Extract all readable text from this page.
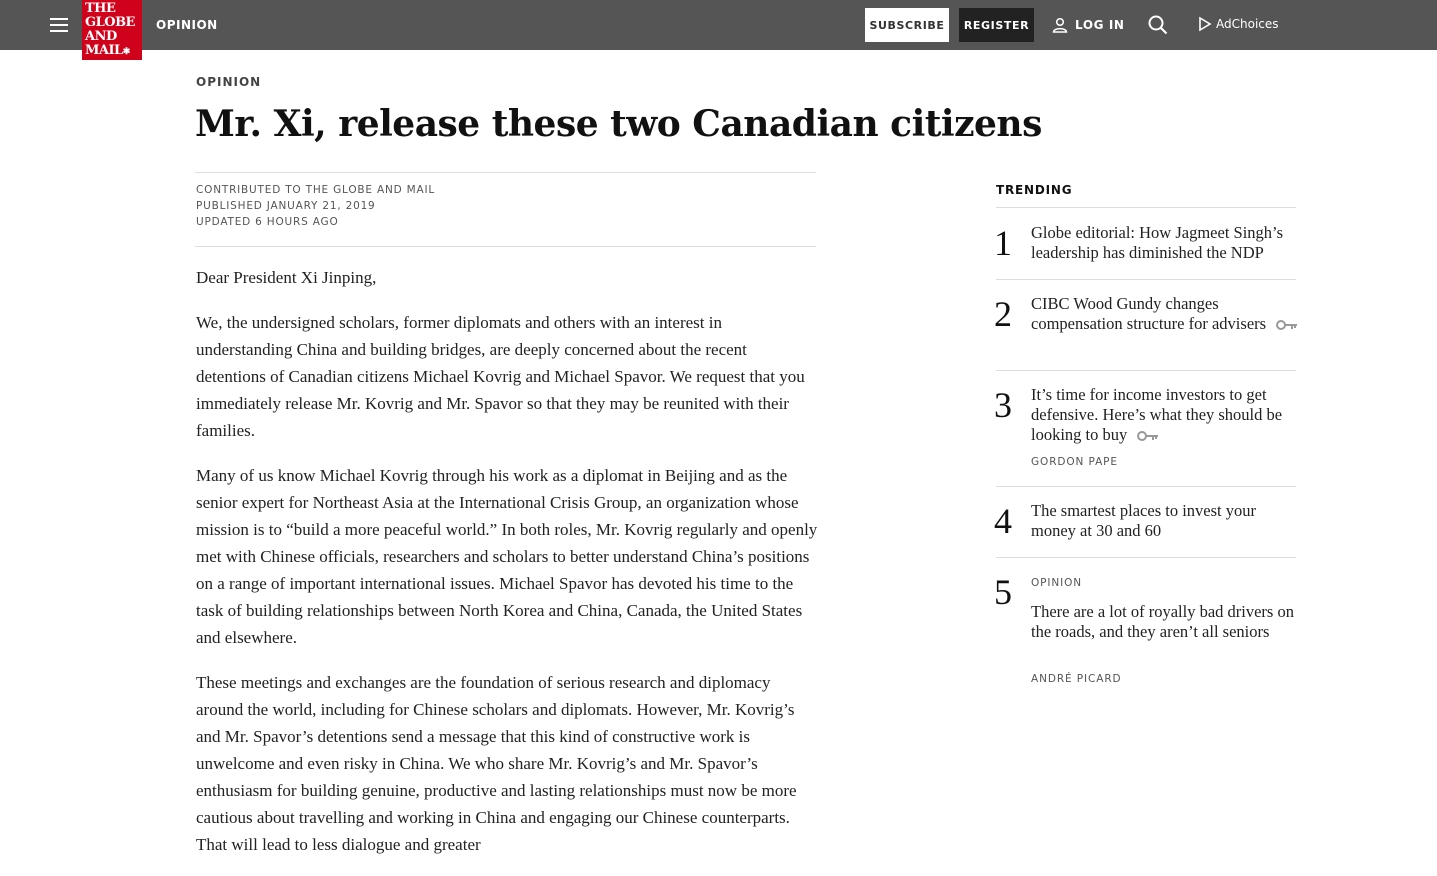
THE
GLOBE
AND
MAIL✱
OPINION	SUBSCRIBE	REGISTER	LOG IN	AdChoices
OPINION
Mr. Xi, release these two Canadian citizens
CONTRIBUTED TO THE GLOBE AND MAIL
PUBLISHED JANUARY 21, 2019
UPDATED 6 HOURS AGO

Dear President Xi Jinping,

We, the undersigned scholars, former diplomats and others with an interest in understanding China and building bridges, are deeply concerned about the recent detentions of Canadian citizens Michael Kovrig and Michael Spavor. We request that you immediately release Mr. Kovrig and Mr. Spavor so that they may be reunited with their families.

Many of us know Michael Kovrig through his work as a diplomat in Beijing and as the senior expert for Northeast Asia at the International Crisis Group, an organization whose mission is to “build a more peaceful world.” In both roles, Mr. Kovrig regularly and openly met with Chinese officials, researchers and scholars to better understand China’s positions on a range of important international issues. Michael Spavor has devoted his time to the task of building relationships between North Korea and China, Canada, the United States and elsewhere.

These meetings and exchanges are the foundation of serious research and diplomacy around the world, including for Chinese scholars and diplomats. However, Mr. Kovrig’s and Mr. Spavor’s detentions send a message that this kind of constructive work is unwelcome and even risky in China. We who share Mr. Kovrig’s and Mr. Spavor’s enthusiasm for building genuine, productive and lasting relationships must now be more cautious about travelling and working in China and engaging our Chinese counterparts. That will lead to less dialogue and greater

TRENDING
1 Globe editorial: How Jagmeet Singh’s leadership has diminished the NDP
2 CIBC Wood Gundy changes compensation structure for advisers
3 It’s time for income investors to get defensive. Here’s what they should be looking to buy
GORDON PAPE
4 The smartest places to invest your money at 30 and 60
5 OPINION
There are a lot of royally bad drivers on the roads, and they aren’t all seniors
ANDRÉ PICARD
